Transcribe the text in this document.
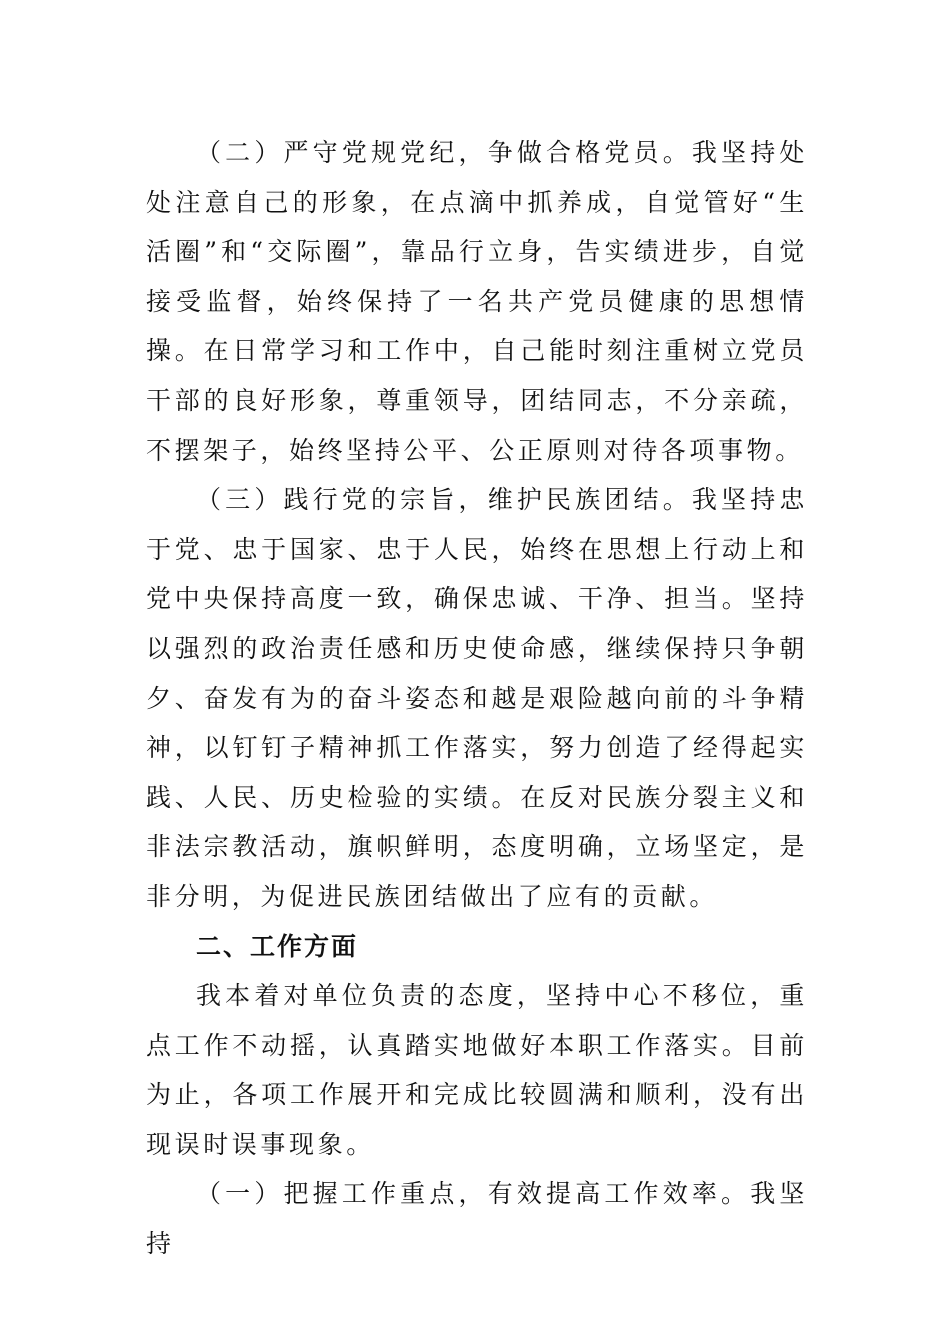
（二）严守党规党纪，争做合格党员。我坚持处处注意自己的形象，在点滴中抓养成，自觉管好“生活圈”和“交际圈”，靠品行立身，告实绩进步，自觉接受监督，始终保持了一名共产党员健康的思想情操。在日常学习和工作中，自己能时刻注重树立党员干部的良好形象，尊重领导，团结同志，不分亲疏，不摆架子，始终坚持公平、公正原则对待各项事物。

（三）践行党的宗旨，维护民族团结。我坚持忠于党、忠于国家、忠于人民，始终在思想上行动上和党中央保持高度一致，确保忠诚、干净、担当。坚持以强烈的政治责任感和历史使命感，继续保持只争朝夕、奋发有为的奋斗姿态和越是艰险越向前的斗争精神，以钉钉子精神抓工作落实，努力创造了经得起实践、人民、历史检验的实绩。在反对民族分裂主义和非法宗教活动，旗帜鲜明，态度明确，立场坚定，是非分明，为促进民族团结做出了应有的贡献。

二、工作方面

我本着对单位负责的态度，坚持中心不移位，重点工作不动摇，认真踏实地做好本职工作落实。目前为止，各项工作展开和完成比较圆满和顺利，没有出现误时误事现象。

（一）把握工作重点，有效提高工作效率。我坚持
